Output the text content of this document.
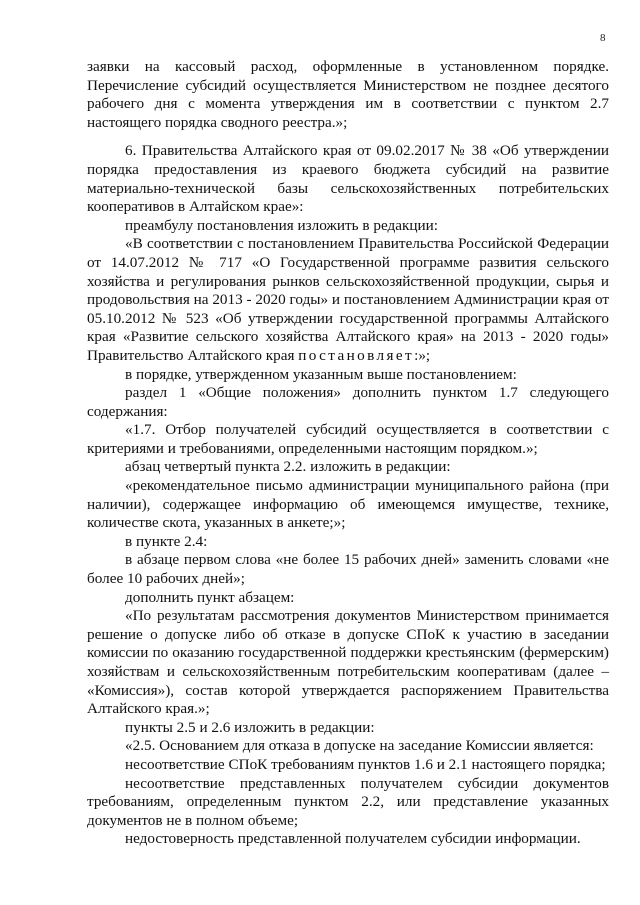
8

заявки на кассовый расход, оформленные в установленном порядке. Перечисление субсидий осуществляется Министерством не позднее десятого рабочего дня с момента утверждения им в соответствии с пунктом 2.7 настоящего порядка сводного реестра.»;

6. Правительства Алтайского края от 09.02.2017 № 38 «Об утверждении порядка предоставления из краевого бюджета субсидий на развитие материально-технической базы сельскохозяйственных потребительских кооперативов в Алтайском крае»:

преамбулу постановления изложить в редакции:

«В соответствии с постановлением Правительства Российской Федерации от 14.07.2012 № 717 «О Государственной программе развития сельского хозяйства и регулирования рынков сельскохозяйственной продукции, сырья и продовольствия на 2013 - 2020 годы» и постановлением Администрации края от 05.10.2012 № 523 «Об утверждении государственной программы Алтайского края «Развитие сельского хозяйства Алтайского края» на 2013 - 2020 годы» Правительство Алтайского края постановляет:»;

в порядке, утвержденном указанным выше постановлением:

раздел 1 «Общие положения» дополнить пунктом 1.7 следующего содержания:

«1.7. Отбор получателей субсидий осуществляется в соответствии с критериями и требованиями, определенными настоящим порядком.»;

абзац четвертый пункта 2.2. изложить в редакции:

«рекомендательное письмо администрации муниципального района (при наличии), содержащее информацию об имеющемся имуществе, технике, количестве скота, указанных в анкете;»;

в пункте 2.4:

в абзаце первом слова «не более 15 рабочих дней» заменить словами «не более 10 рабочих дней»;

дополнить пункт абзацем:

«По результатам рассмотрения документов Министерством принимается решение о допуске либо об отказе в допуске СПоК к участию в заседании комиссии по оказанию государственной поддержки крестьянским (фермерским) хозяйствам и сельскохозяйственным потребительским кооперативам (далее – «Комиссия»), состав которой утверждается распоряжением Правительства Алтайского края.»;

пункты 2.5 и 2.6 изложить в редакции:

«2.5. Основанием для отказа в допуске на заседание Комиссии является:

несоответствие СПоК требованиям пунктов 1.6 и 2.1 настоящего порядка;

несоответствие представленных получателем субсидии документов требованиям, определенным пунктом 2.2, или представление указанных документов не в полном объеме;

недостоверность представленной получателем субсидии информации.
